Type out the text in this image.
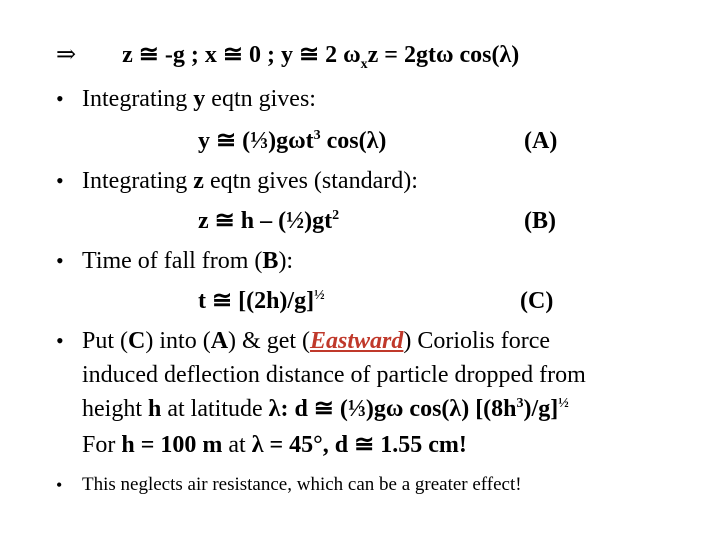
⇒ z ≅ -g ; x ≅ 0 ; y ≅ 2 $\omega_xz = 2gt\omega$ cos(λ)
• Integrating y eqtn gives:
y ≅ (⅓)gωt$^3$ cos(λ)	(A)
• Integrating z eqtn gives (standard):
z ≅ h – $(\frac{1}{2})gt^2$	(B)
• Time of fall from (B):
t ≅ $[(2h)/g]^{\frac{1}{2}}$	(C)
• Put (C) into (A) & get (Eastward) Coriolis force
induced deflection distance of particle dropped from
height h at latitude λ: d ≅ (⅓)gω cos(λ) $[(8h^3)/g]^{\frac{1}{2}}$
For h = 100 m at λ = 45°, d ≅ 1.55 cm!
• This neglects air resistance, which can be a greater effect!
